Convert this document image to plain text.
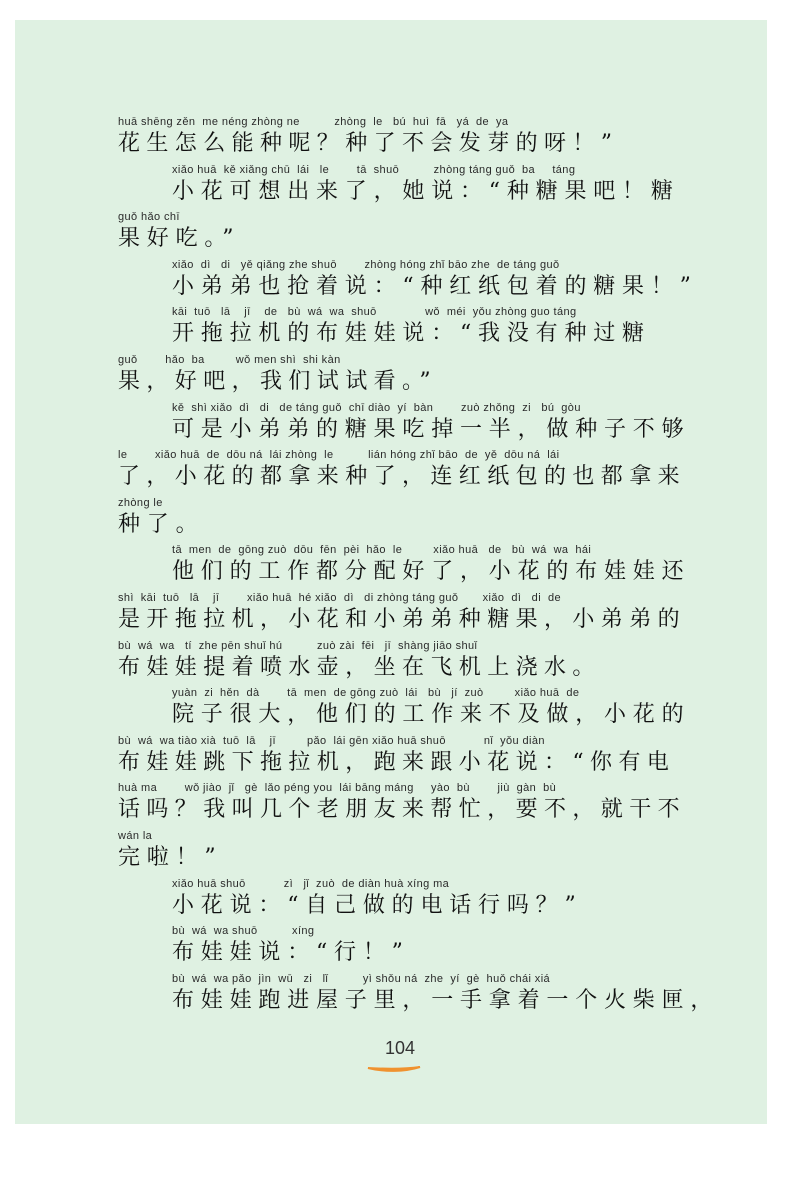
huā shēng zěn  me néng zhòng ne          zhòng  le   bú  huì  fā   yá  de  ya
花生怎么能种呢？种了不会发芽的呀！”
xiǎo huā  kě xiǎng chū  lái   le        tā  shuō          zhòng táng guǒ  ba     táng
小花可想出来了，她说：“种糖果吧！糖
guǒ hǎo chī
果好吃。”
xiǎo  dì   di   yě qiǎng zhe shuō        zhòng hóng zhǐ bāo zhe  de táng guǒ
小弟弟也抢着说：“种红纸包着的糖果！”
kāi  tuō   lā    jī    de   bù  wá  wa  shuō              wǒ  méi  yǒu zhòng guo táng
开拖拉机的布娃娃说：“我没有种过糖
guǒ        hǎo  ba         wǒ men shì  shi kàn
果，好吧，我们试试看。”
kě  shì xiǎo  dì   di   de táng guǒ  chī diào  yí  bàn        zuò zhǒng  zi   bú  gòu
可是小弟弟的糖果吃掉一半，做种子不够
le        xiǎo huā  de  dōu ná  lái zhòng  le          lián hóng zhǐ bāo  de  yě  dōu ná  lái
了，小花的都拿来种了，连红纸包的也都拿来
zhòng le
种了。
tā  men  de  gōng zuò  dōu  fēn  pèi  hǎo  le         xiǎo huā   de   bù  wá  wa  hái
他们的工作都分配好了，小花的布娃娃还
shì  kāi  tuō   lā    jī        xiǎo huā  hé xiǎo  dì   di zhòng táng guǒ       xiǎo  dì   di  de
是开拖拉机，小花和小弟弟种糖果，小弟弟的
bù  wá  wa   tí  zhe pēn shuǐ hú          zuò zài  fēi   jī  shàng jiāo shuǐ
布娃娃提着喷水壶，坐在飞机上浇水。
yuàn  zi  hěn  dà        tā  men  de gōng zuò  lái   bù   jí  zuò         xiǎo huā  de
院子很大，他们的工作来不及做，小花的
bù  wá  wa tiào xià  tuō  lā    jī         pǎo  lái gēn xiǎo huā shuō           nǐ  yǒu diàn
布娃娃跳下拖拉机，跑来跟小花说：“你有电
huà ma        wǒ jiào  jǐ   gè  lǎo péng you  lái bāng máng     yào  bù        jiù  gàn  bù
话吗？我叫几个老朋友来帮忙，要不，就干不
wán la
完啦！”
xiǎo huā shuō           zì   jǐ  zuò  de diàn huà xíng ma
小花说：“自己做的电话行吗？”
bù  wá  wa shuō          xíng
布娃娃说：“行！”
bù  wá  wa pǎo  jìn  wū   zi   lǐ          yì shǒu ná  zhe  yí  gè  huǒ chái xiá
布娃娃跑进屋子里，一手拿着一个火柴匣，
104
